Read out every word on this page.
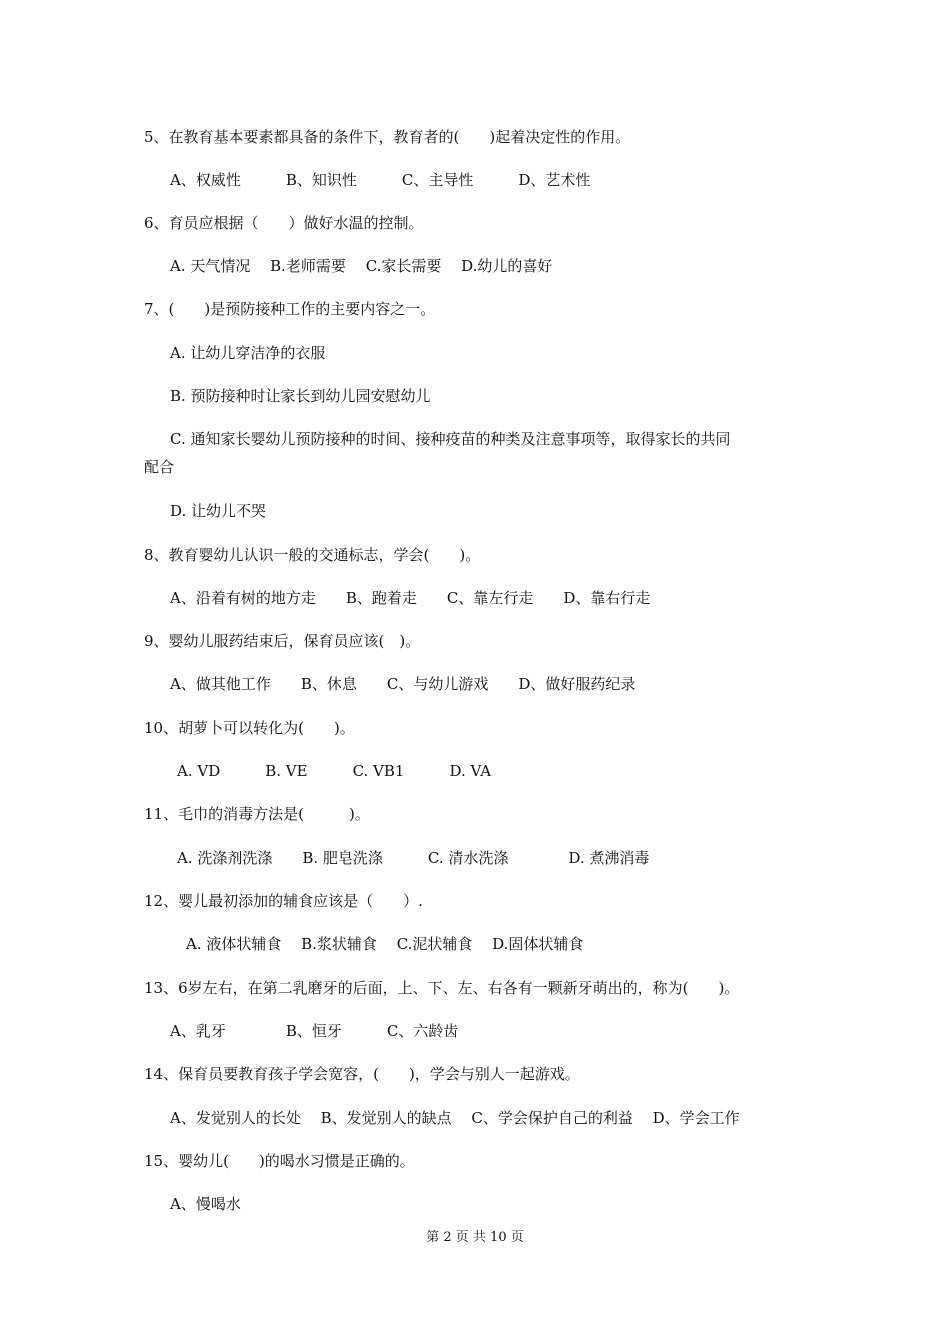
5、在教育基本要素都具备的条件下，教育者的(　　)起着决定性的作用。
A、权威性　　　B、知识性　　　C、主导性　　　D、艺术性
6、育员应根据（　　）做好水温的控制。
A. 天气情况　 B.老师需要　 C.家长需要　 D.幼儿的喜好
7、(　　)是预防接种工作的主要内容之一。
A. 让幼儿穿洁净的衣服
B. 预防接种时让家长到幼儿园安慰幼儿
C. 通知家长婴幼儿预防接种的时间、接种疫苗的种类及注意事项等，取得家长的共同
配合
D. 让幼儿不哭
8、教育婴幼儿认识一般的交通标志，学会(　　)。
A、沿着有树的地方走　　B、跑着走　　C、靠左行走　　D、靠右行走
9、婴幼儿服药结束后，保育员应该(　)。
A、做其他工作　　B、休息　　C、与幼儿游戏　　D、做好服药纪录
10、胡萝卜可以转化为(　　)。
A. VD　　　B. VE　　　C. VB1　　　D. VA
11、毛巾的消毒方法是(　　　)。
A. 洗涤剂洗涤　　B. 肥皂洗涤　　　C. 清水洗涤　　　　D. 煮沸消毒
12、婴儿最初添加的辅食应该是（　　）.
A. 液体状辅食　 B.浆状辅食　 C.泥状辅食　 D.固体状辅食
13、6岁左右，在第二乳磨牙的后面，上、下、左、右各有一颗新牙萌出的，称为(　　)。
A、乳牙　　　　B、恒牙　　　C、六龄齿
14、保育员要教育孩子学会宽容，(　　)，学会与别人一起游戏。
A、发觉别人的长处　 B、发觉别人的缺点　 C、学会保护自己的利益　 D、学会工作
15、婴幼儿(　　)的喝水习惯是正确的。
A、慢喝水
第 2 页 共 10 页
